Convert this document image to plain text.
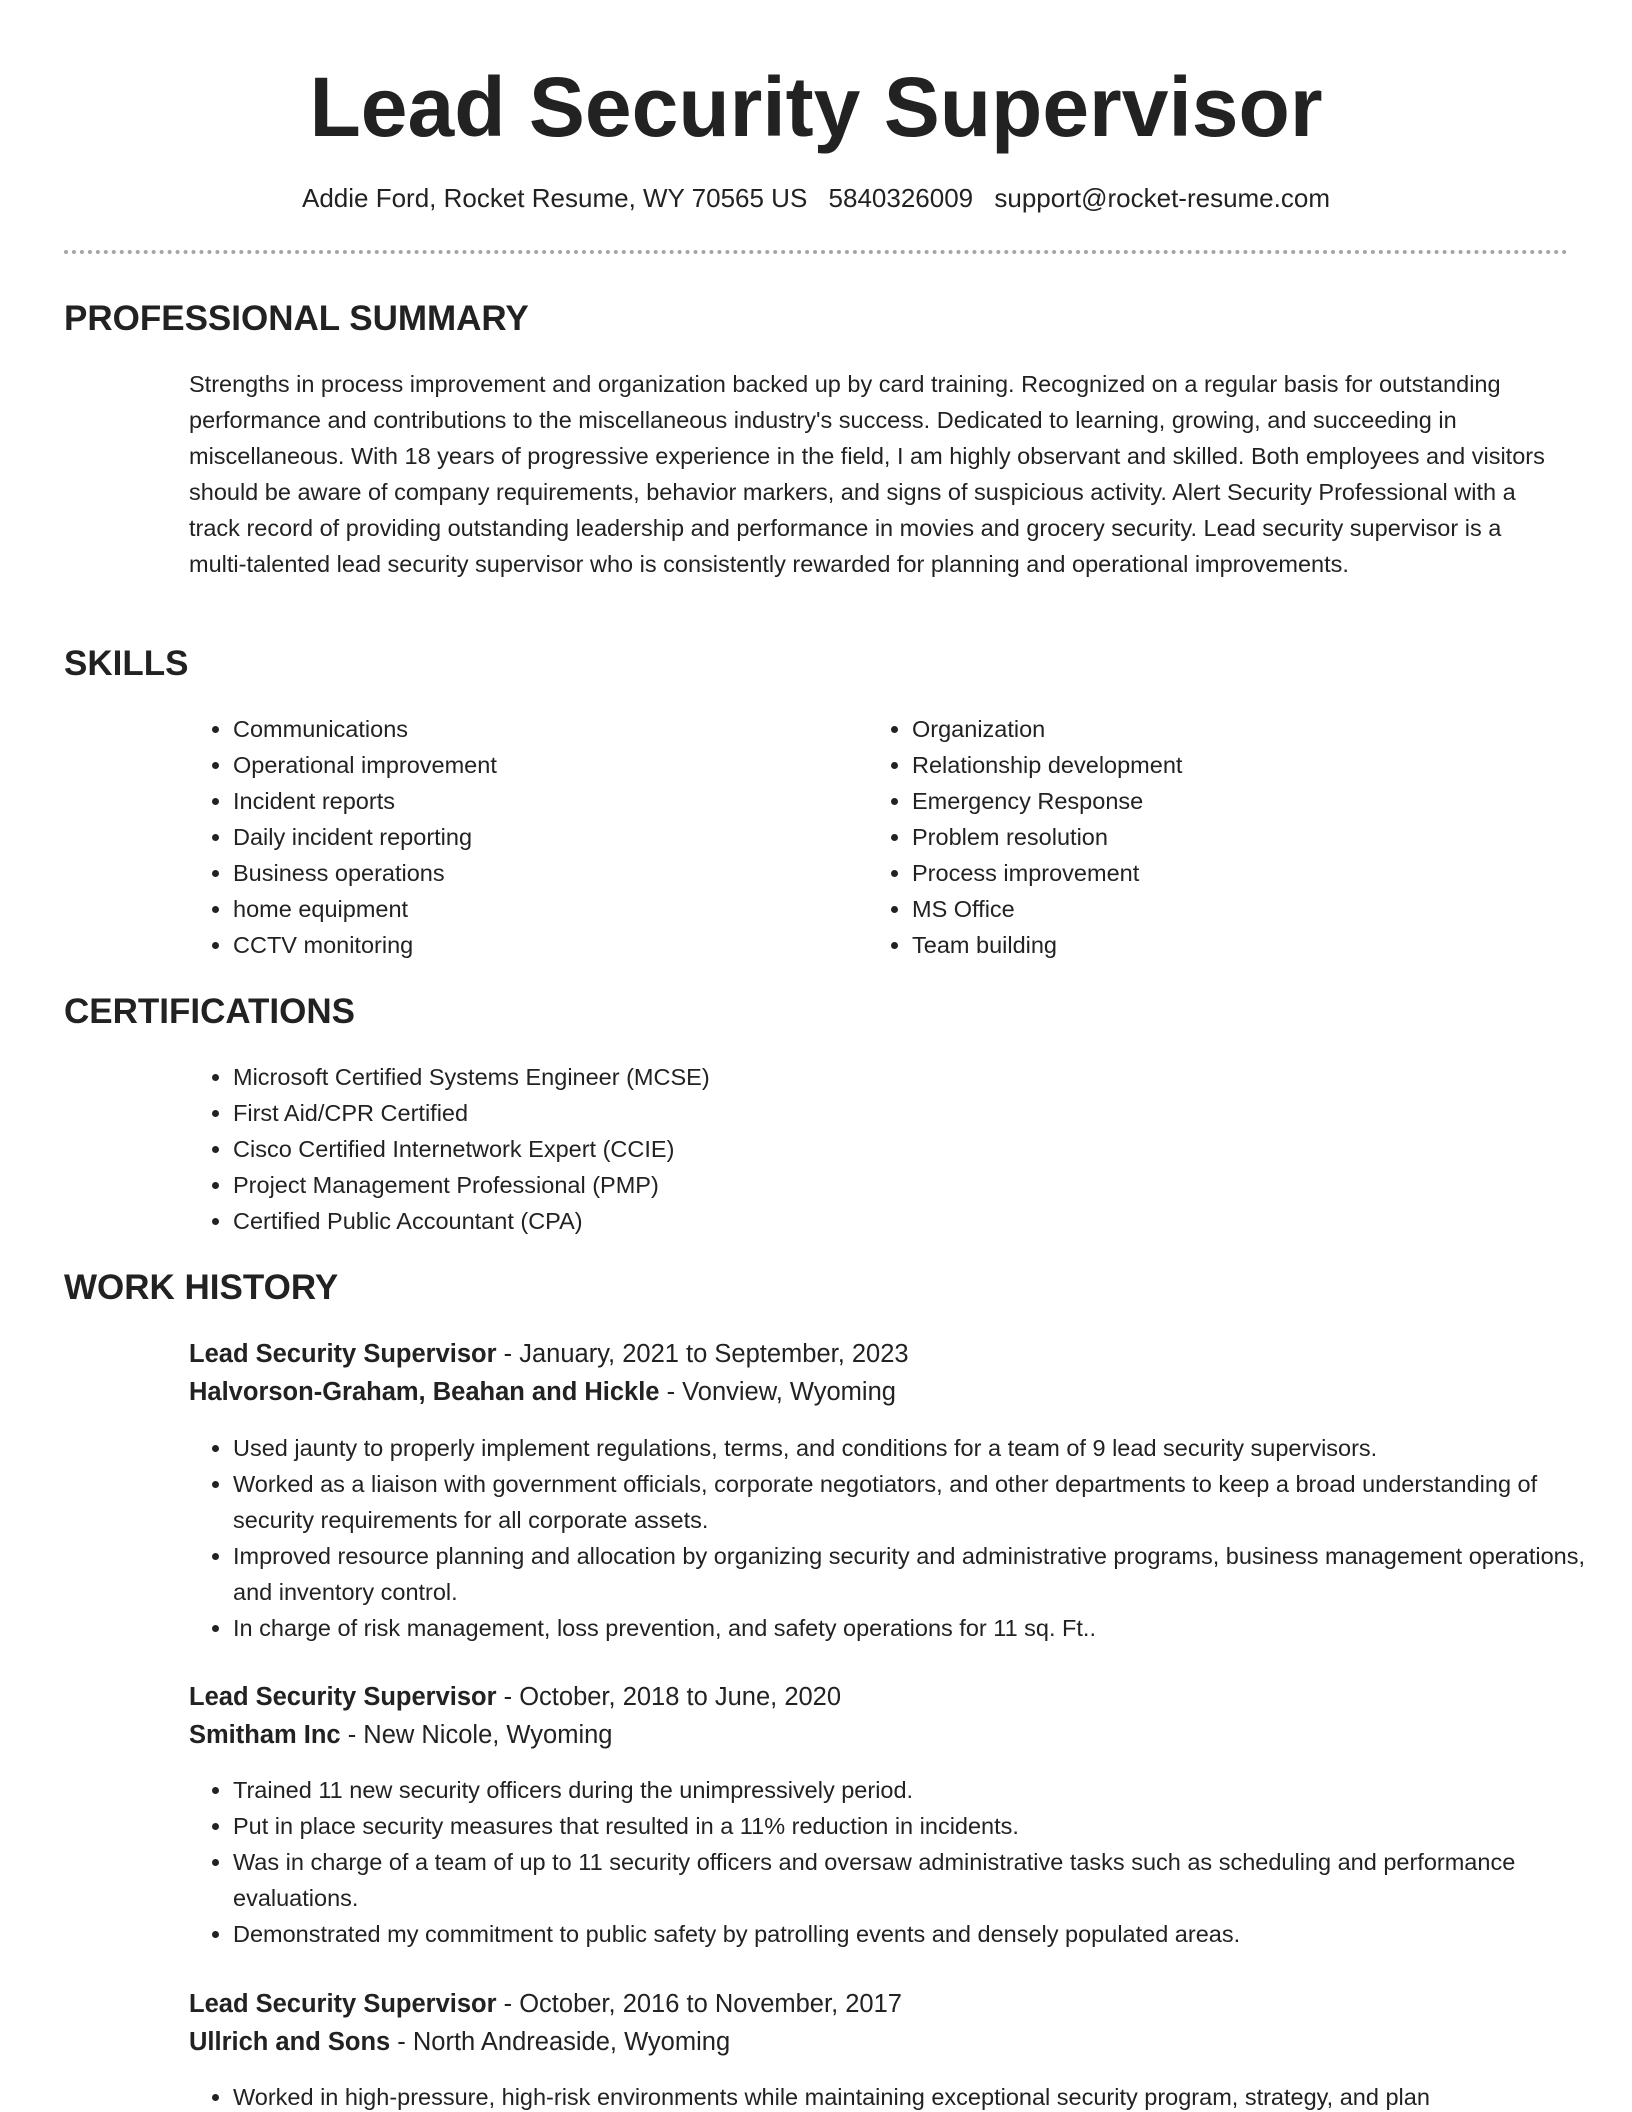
Lead Security Supervisor
Addie Ford, Rocket Resume, WY 70565 US 5840326009 support@rocket-resume.com
PROFESSIONAL SUMMARY

Strengths in process improvement and organization backed up by card training. Recognized on a regular basis for outstanding performance and contributions to the miscellaneous industry's success. Dedicated to learning, growing, and succeeding in miscellaneous. With 18 years of progressive experience in the field, I am highly observant and skilled. Both employees and visitors should be aware of company requirements, behavior markers, and signs of suspicious activity. Alert Security Professional with a track record of providing outstanding leadership and performance in movies and grocery security. Lead security supervisor is a multi-talented lead security supervisor who is consistently rewarded for planning and operational improvements.

SKILLS
• Communications
• Operational improvement
• Incident reports
• Daily incident reporting
• Business operations
• home equipment
• CCTV monitoring
• Organization
• Relationship development
• Emergency Response
• Problem resolution
• Process improvement
• MS Office
• Team building
CERTIFICATIONS
• Microsoft Certified Systems Engineer (MCSE)
• First Aid/CPR Certified
• Cisco Certified Internetwork Expert (CCIE)
• Project Management Professional (PMP)
• Certified Public Accountant (CPA)
WORK HISTORY
Lead Security Supervisor - January, 2021 to September, 2023
Halvorson-Graham, Beahan and Hickle - Vonview, Wyoming
• Used jaunty to properly implement regulations, terms, and conditions for a team of 9 lead security supervisors.
• Worked as a liaison with government officials, corporate negotiators, and other departments to keep a broad understanding of security requirements for all corporate assets.
• Improved resource planning and allocation by organizing security and administrative programs, business management operations, and inventory control.
• In charge of risk management, loss prevention, and safety operations for 11 sq. Ft..
Lead Security Supervisor - October, 2018 to June, 2020
Smitham Inc - New Nicole, Wyoming
• Trained 11 new security officers during the unimpressively period.
• Put in place security measures that resulted in a 11% reduction in incidents.
• Was in charge of a team of up to 11 security officers and oversaw administrative tasks such as scheduling and performance evaluations.
• Demonstrated my commitment to public safety by patrolling events and densely populated areas.
Lead Security Supervisor - October, 2016 to November, 2017
Ullrich and Sons - North Andreaside, Wyoming
• Worked in high-pressure, high-risk environments while maintaining exceptional security program, strategy, and plan
